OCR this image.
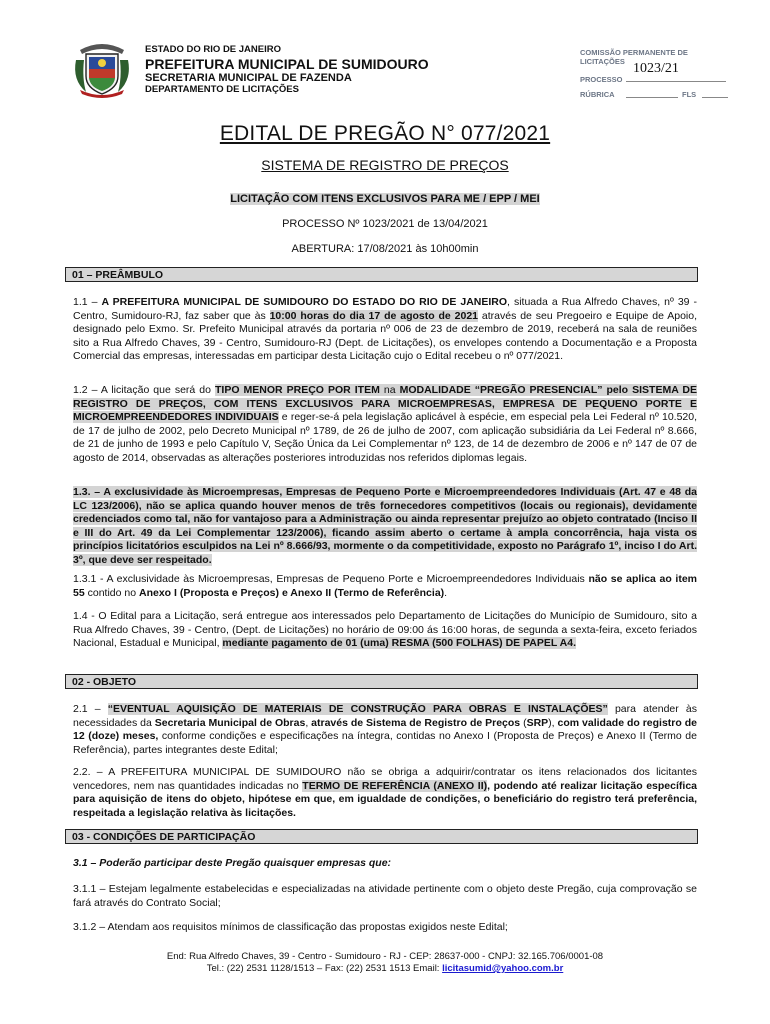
ESTADO DO RIO DE JANEIRO
PREFEITURA MUNICIPAL DE SUMIDOURO
SECRETARIA MUNICIPAL DE FAZENDA
DEPARTAMENTO DE LICITAÇÕES
COMISSÃO PERMANENTE DE LICITAÇÕES
PROCESSO
1023/21
RÚBRICA	FLS
EDITAL DE PREGÃO N° 077/2021
SISTEMA DE REGISTRO DE PREÇOS
LICITAÇÃO COM ITENS EXCLUSIVOS PARA ME / EPP / MEI
PROCESSO Nº 1023/2021 de 13/04/2021
ABERTURA: 17/08/2021 às 10h00min
01 – PREÂMBULO
1.1 – A PREFEITURA MUNICIPAL DE SUMIDOURO DO ESTADO DO RIO DE JANEIRO, situada a Rua Alfredo Chaves, nº 39 - Centro, Sumidouro-RJ, faz saber que às 10:00 horas do dia 17 de agosto de 2021 através de seu Pregoeiro e Equipe de Apoio, designado pelo Exmo. Sr. Prefeito Municipal através da portaria nº 006 de 23 de dezembro de 2019, receberá na sala de reuniões sito a Rua Alfredo Chaves, 39 - Centro, Sumidouro-RJ (Dept. de Licitações), os envelopes contendo a Documentação e a Proposta Comercial das empresas, interessadas em participar desta Licitação cujo o Edital recebeu o nº 077/2021.
1.2 – A licitação que será do TIPO MENOR PREÇO POR ITEM na MODALIDADE “PREGÃO PRESENCIAL” pelo SISTEMA DE REGISTRO DE PREÇOS, COM ITENS EXCLUSIVOS PARA MICROEMPRESAS, EMPRESA DE PEQUENO PORTE E MICROEMPREENDEDORES INDIVIDUAIS e reger-se-á pela legislação aplicável à espécie, em especial pela Lei Federal nº 10.520, de 17 de julho de 2002, pelo Decreto Municipal nº 1789, de 26 de julho de 2007, com aplicação subsidiária da Lei Federal nº 8.666, de 21 de junho de 1993 e pelo Capítulo V, Seção Única da Lei Complementar nº 123, de 14 de dezembro de 2006 e nº 147 de 07 de agosto de 2014, observadas as alterações posteriores introduzidas nos referidos diplomas legais.
1.3. – A exclusividade às Microempresas, Empresas de Pequeno Porte e Microempreendedores Individuais (Art. 47 e 48 da LC 123/2006), não se aplica quando houver menos de três fornecedores competitivos (locais ou regionais), devidamente credenciados como tal, não for vantajoso para a Administração ou ainda representar prejuízo ao objeto contratado (Inciso II e III do Art. 49 da Lei Complementar 123/2006), ficando assim aberto o certame à ampla concorrência, haja vista os princípios licitatórios esculpidos na Lei nº 8.666/93, mormente o da competitividade, exposto no Parágrafo 1º, inciso I do Art. 3º, que deve ser respeitado.
1.3.1 - A exclusividade às Microempresas, Empresas de Pequeno Porte e Microempreendedores Individuais não se aplica ao item 55 contido no Anexo I (Proposta e Preços) e Anexo II (Termo de Referência).
1.4 - O Edital para a Licitação, será entregue aos interessados pelo Departamento de Licitações do Município de Sumidouro, sito a Rua Alfredo Chaves, 39 - Centro, (Dept. de Licitações) no horário de 09:00 ás 16:00 horas, de segunda a sexta-feira, exceto feriados Nacional, Estadual e Municipal, mediante pagamento de 01 (uma) RESMA (500 FOLHAS) DE PAPEL A4.
02 - OBJETO
2.1 – “EVENTUAL AQUISIÇÃO DE MATERIAIS DE CONSTRUÇÃO PARA OBRAS E INSTALAÇÕES” para atender às necessidades da Secretaria Municipal de Obras, através de Sistema de Registro de Preços (SRP), com validade do registro de 12 (doze) meses, conforme condições e especificações na íntegra, contidas no Anexo I (Proposta de Preços) e Anexo II (Termo de Referência), partes integrantes deste Edital;
2.2. – A PREFEITURA MUNICIPAL DE SUMIDOURO não se obriga a adquirir/contratar os itens relacionados dos licitantes vencedores, nem nas quantidades indicadas no TERMO DE REFERÊNCIA (ANEXO II), podendo até realizar licitação específica para aquisição de itens do objeto, hipótese em que, em igualdade de condições, o beneficiário do registro terá preferência, respeitada a legislação relativa às licitações.
03 - CONDIÇÕES DE PARTICIPAÇÃO
3.1 – Poderão participar deste Pregão quaisquer empresas que:
3.1.1 – Estejam legalmente estabelecidas e especializadas na atividade pertinente com o objeto deste Pregão, cuja comprovação se fará através do Contrato Social;
3.1.2 – Atendam aos requisitos mínimos de classificação das propostas exigidos neste Edital;
End: Rua Alfredo Chaves, 39 - Centro - Sumidouro - RJ - CEP: 28637-000 - CNPJ: 32.165.706/0001-08
Tel.: (22) 2531 1128/1513 – Fax: (22) 2531 1513 Email: licitasumid@yahoo.com.br
